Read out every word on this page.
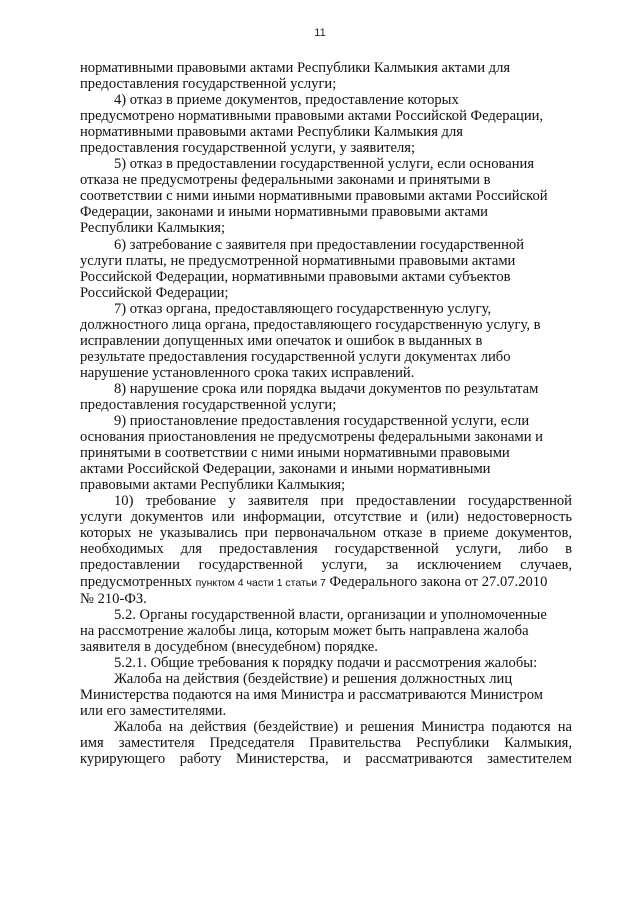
11

нормативными правовыми актами Республики Калмыкия актами для
предоставления государственной услуги;

4) отказ в приеме документов, предоставление которых
предусмотрено нормативными правовыми актами Российской Федерации,
нормативными правовыми актами Республики Калмыкия для
предоставления государственной услуги, у заявителя;

5) отказ в предоставлении государственной услуги, если основания
отказа не предусмотрены федеральными законами и принятыми в
соответствии с ними иными нормативными правовыми актами Российской
Федерации, законами и иными нормативными правовыми актами
Республики Калмыкия;

6) затребование с заявителя при предоставлении государственной
услуги платы, не предусмотренной нормативными правовыми актами
Российской Федерации, нормативными правовыми актами субъектов
Российской Федерации;

7) отказ органа, предоставляющего государственную услугу,
должностного лица органа, предоставляющего государственную услугу, в
исправлении допущенных ими опечаток и ошибок в выданных в
результате предоставления государственной услуги документах либо
нарушение установленного срока таких исправлений.

8) нарушение срока или порядка выдачи документов по результатам
предоставления государственной услуги;

9) приостановление предоставления государственной услуги, если
основания приостановления не предусмотрены федеральными законами и
принятыми в соответствии с ними иными нормативными правовыми
актами Российской Федерации, законами и иными нормативными
правовыми актами Республики Калмыкия;

10) требование у заявителя при предоставлении государственной
услуги документов или информации, отсутствие и (или) недостоверность
которых не указывались при первоначальном отказе в приеме документов,
необходимых для предоставления государственной услуги, либо в
предоставлении государственной услуги, за исключением случаев,

предусмотренных пунктом 4 части 1 статьи 7 Федерального закона от 27.07.2010
№ 210-ФЗ.

5.2. Органы государственной власти, организации и уполномоченные
на рассмотрение жалобы лица, которым может быть направлена жалоба
заявителя в досудебном (внесудебном) порядке.

5.2.1. Общие требования к порядку подачи и рассмотрения жалобы:

Жалоба на действия (бездействие) и решения должностных лиц
Министерства подаются на имя Министра и рассматриваются Министром
или его заместителями.

Жалоба на действия (бездействие) и решения Министра подаются на
имя заместителя Председателя Правительства Республики Калмыкия,
курирующего работу Министерства, и рассматриваются заместителем
